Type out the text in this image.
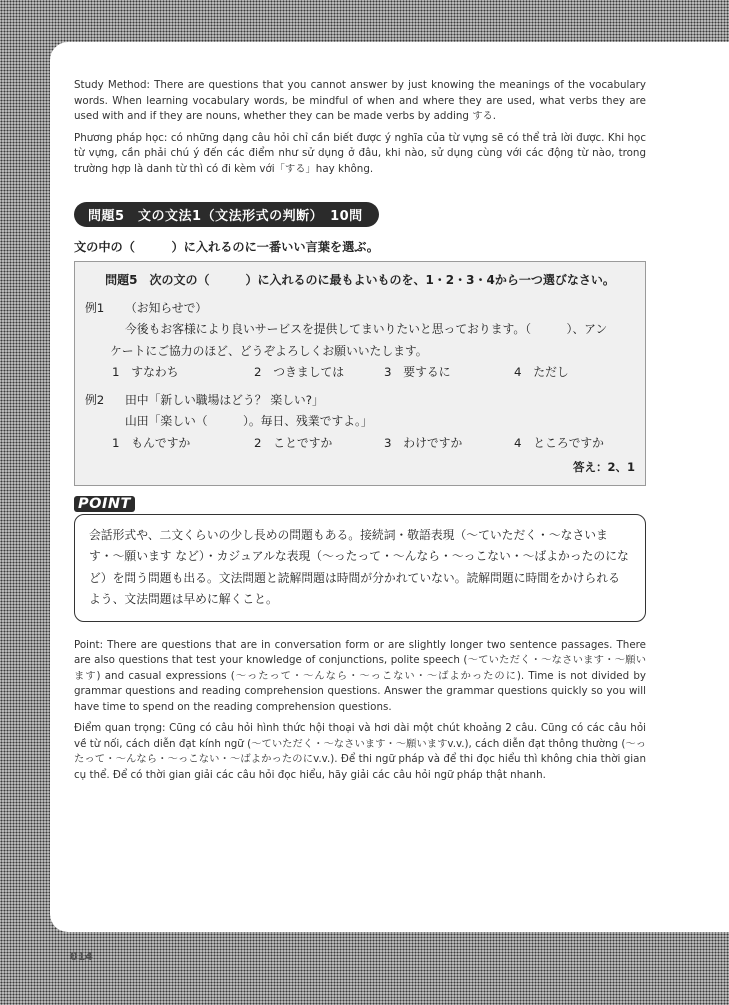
Study Method: There are questions that you cannot answer by just knowing the meanings of the vocabulary words. When learning vocabulary words, be mindful of when and where they are used, what verbs they are used with and if they are nouns, whether they can be made verbs by adding する.

Phương pháp học: có những dạng câu hỏi chỉ cần biết được ý nghĩa của từ vựng sẽ có thể trả lời được. Khi học từ vựng, cần phải chú ý đến các điểm như sử dụng ở đâu, khi nào, sử dụng cùng với các động từ nào, trong trường hợp là danh từ thì có đi kèm với「する」hay không.

問題5　文の文法1（文法形式の判断）　10問
文の中の（　　　）に入れるのに一番いい言葉を選ぶ。
問題5　次の文の（　　　）に入れるのに最もよいものを、1・2・3・4から一つ選びなさい。
例1 （お知らせで）
今後もお客様により良いサービスを提供してまいりたいと思っております。（　　　）、アン
ケートにご協力のほど、どうぞよろしくお願いいたします。
1　すなわち	2　つきましては	3　要するに	4　ただし
例2 田中「新しい職場はどう？ 楽しい?」
山田「楽しい（　　　）。毎日、残業ですよ。」
1　もんですか	2　ことですか	3　わけですか	4　ところですか
答え：2、1
POINT
会話形式や、二文くらいの少し長めの問題もある。接続詞・敬語表現（～ていただく・～なさいます・～願います など）・カジュアルな表現（～ったって・～んなら・～っこない・～ばよかったのになど）を問う問題も出る。文法問題と読解問題は時間が分かれていない。読解問題に時間をかけられるよう、文法問題は早めに解くこと。

Point: There are questions that are in conversation form or are slightly longer two sentence passages. There are also questions that test your knowledge of conjunctions, polite speech (～ていただく・～なさいます・～願います) and casual expressions (～ったって・～んなら・～っこない・～ばよかったのに). Time is not divided by grammar questions and reading comprehension questions. Answer the grammar questions quickly so you will have time to spend on the reading comprehension questions.

Điểm quan trọng: Cũng có câu hỏi hình thức hội thoại và hơi dài một chút khoảng 2 câu. Cũng có các câu hỏi về từ nối, cách diễn đạt kính ngữ (～ていただく・～なさいます・～願いますv.v.), cách diễn đạt thông thường (～ったって・～んなら・～っこない・～ばよかったのにv.v.). Để thi ngữ pháp và để thi đọc hiểu thì không chia thời gian cụ thể. Để có thời gian giải các câu hỏi đọc hiểu, hãy giải các câu hỏi ngữ pháp thật nhanh.

014
